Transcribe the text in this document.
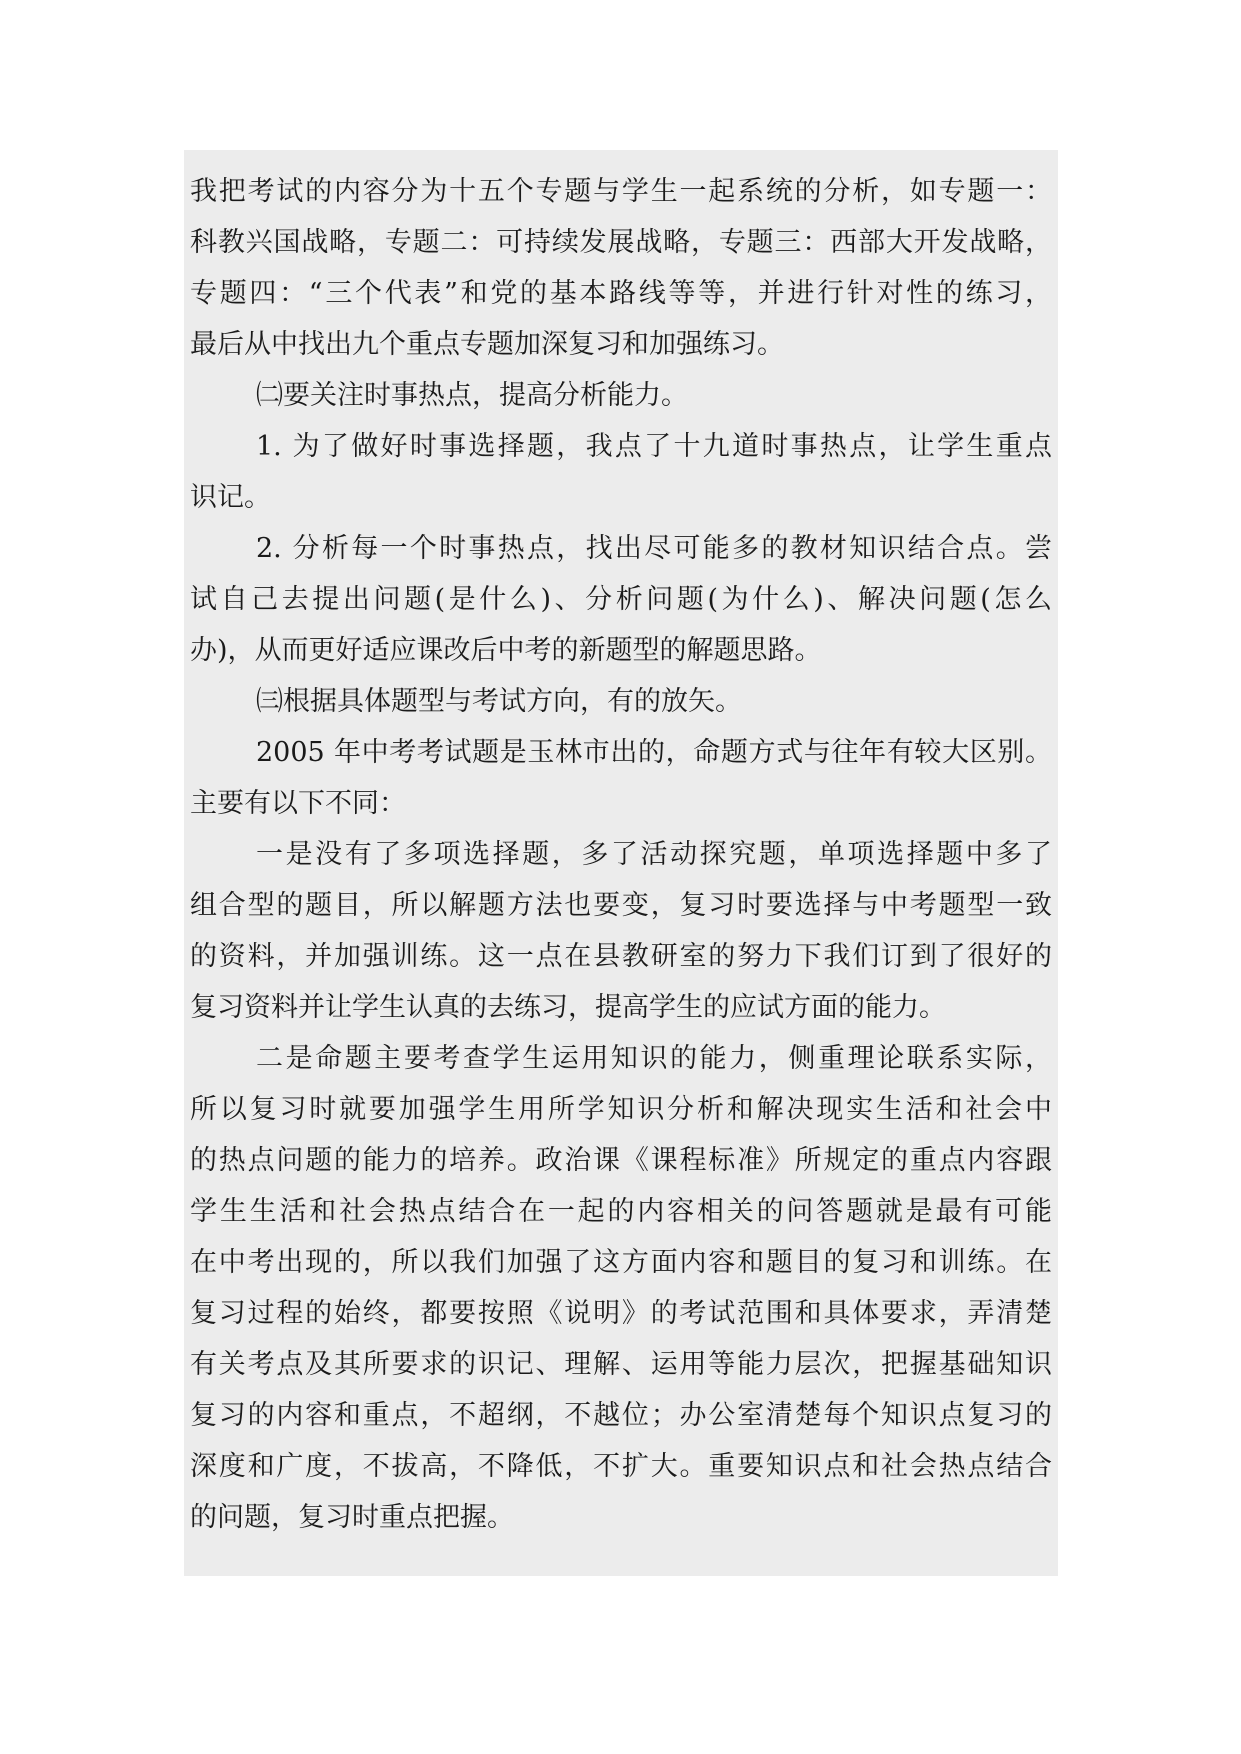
我把考试的内容分为十五个专题与学生一起系统的分析，如专题一：
科教兴国战略，专题二：可持续发展战略，专题三：西部大开发战略，
专题四：“三个代表”和党的基本路线等等，并进行针对性的练习，
最后从中找出九个重点专题加深复习和加强练习。
㈡要关注时事热点，提高分析能力。
1. 为了做好时事选择题，我点了十九道时事热点，让学生重点
识记。
2. 分析每一个时事热点，找出尽可能多的教材知识结合点。尝
试自己去提出问题(是什么)、分析问题(为什么)、解决问题(怎么
办)，从而更好适应课改后中考的新题型的解题思路。
㈢根据具体题型与考试方向，有的放矢。
2005 年中考考试题是玉林市出的，命题方式与往年有较大区别。
主要有以下不同：
一是没有了多项选择题，多了活动探究题，单项选择题中多了
组合型的题目，所以解题方法也要变，复习时要选择与中考题型一致
的资料，并加强训练。这一点在县教研室的努力下我们订到了很好的
复习资料并让学生认真的去练习，提高学生的应试方面的能力。
二是命题主要考查学生运用知识的能力，侧重理论联系实际，
所以复习时就要加强学生用所学知识分析和解决现实生活和社会中
的热点问题的能力的培养。政治课《课程标准》所规定的重点内容跟
学生生活和社会热点结合在一起的内容相关的问答题就是最有可能
在中考出现的，所以我们加强了这方面内容和题目的复习和训练。在
复习过程的始终，都要按照《说明》的考试范围和具体要求，弄清楚
有关考点及其所要求的识记、理解、运用等能力层次，把握基础知识
复习的内容和重点，不超纲，不越位；办公室清楚每个知识点复习的
深度和广度，不拔高，不降低，不扩大。重要知识点和社会热点结合
的问题，复习时重点把握。
